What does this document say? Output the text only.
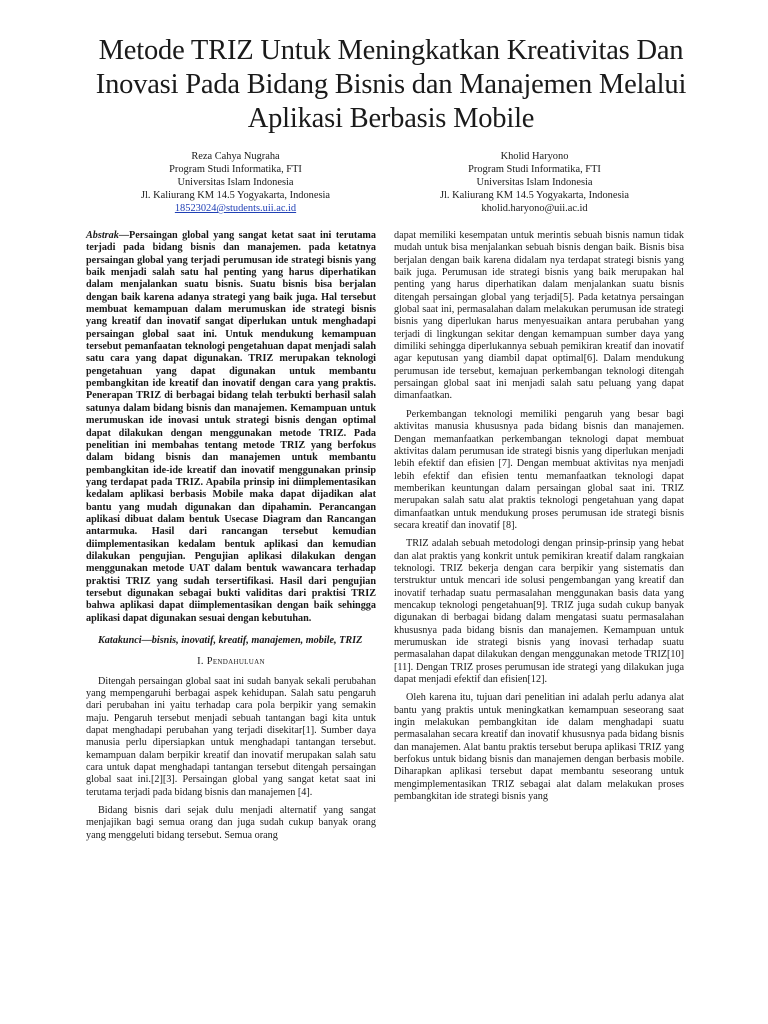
Metode TRIZ Untuk Meningkatkan Kreativitas Dan Inovasi Pada Bidang Bisnis dan Manajemen Melalui Aplikasi Berbasis Mobile
Reza Cahya Nugraha
Program Studi Informatika, FTI
Universitas Islam Indonesia
Jl. Kaliurang KM 14.5 Yogyakarta, Indonesia
18523024@students.uii.ac.id
Kholid Haryono
Program Studi Informatika, FTI
Universitas Islam Indonesia
Jl. Kaliurang KM 14.5 Yogyakarta, Indonesia
kholid.haryono@uii.ac.id

Abstrak—Persaingan global yang sangat ketat saat ini terutama terjadi pada bidang bisnis dan manajemen. pada ketatnya persaingan global yang terjadi perumusan ide strategi bisnis yang baik menjadi salah satu hal penting yang harus diperhatikan dalam menjalankan suatu bisnis. Suatu bisnis bisa berjalan dengan baik karena adanya strategi yang baik juga. Hal tersebut membuat kemampuan dalam merumuskan ide strategi bisnis yang kreatif dan inovatif sangat diperlukan untuk menghadapi persaingan global saat ini. Untuk mendukung kemampuan tersebut pemanfaatan teknologi pengetahuan dapat menjadi salah satu cara yang dapat digunakan. TRIZ merupakan teknologi pengetahuan yang dapat digunakan untuk membantu pembangkitan ide kreatif dan inovatif dengan cara yang praktis. Penerapan TRIZ di berbagai bidang telah terbukti berhasil salah satunya dalam bidang bisnis dan manajemen. Kemampuan untuk merumuskan ide inovasi untuk strategi bisnis dengan optimal dapat dilakukan dengan menggunakan metode TRIZ. Pada penelitian ini membahas tentang metode TRIZ yang berfokus dalam bidang bisnis dan manajemen untuk membantu pembangkitan ide-ide kreatif dan inovatif menggunakan prinsip yang terdapat pada TRIZ. Apabila prinsip ini diimplementasikan kedalam aplikasi berbasis Mobile maka dapat dijadikan alat bantu yang mudah digunakan dan dipahamin. Perancangan aplikasi dibuat dalam bentuk Usecase Diagram dan Rancangan antarmuka. Hasil dari rancangan tersebut kemudian diimplementasikan kedalam bentuk aplikasi dan kemudian dilakukan pengujian. Pengujian aplikasi dilakukan dengan menggunakan metode UAT dalam bentuk wawancara terhadap praktisi TRIZ yang sudah tersertifikasi. Hasil dari pengujian tersebut digunakan sebagai bukti validitas dari praktisi TRIZ bahwa aplikasi dapat diimplementasikan dengan baik sehingga aplikasi dapat digunakan sesuai dengan kebutuhan.

Katakunci—bisnis, inovatif, kreatif, manajemen, mobile, TRIZ

I. Pendahuluan

Ditengah persaingan global saat ini sudah banyak sekali perubahan yang mempengaruhi berbagai aspek kehidupan. Salah satu pengaruh dari perubahan ini yaitu terhadap cara pola berpikir yang semakin maju. Pengaruh tersebut menjadi sebuah tantangan bagi kita untuk dapat menghadapi perubahan yang terjadi disekitar[1]. Sumber daya manusia perlu dipersiapkan untuk menghadapi tantangan tersebut. kemampuan dalam berpikir kreatif dan inovatif merupakan salah satu cara untuk dapat menghadapi tantangan tersebut ditengah persaingan global saat ini.[2][3]. Persaingan global yang sangat ketat saat ini terutama terjadi pada bidang bisnis dan manajemen [4].

Bidang bisnis dari sejak dulu menjadi alternatif yang sangat menjajikan bagi semua orang dan juga sudah cukup banyak orang yang menggeluti bidang tersebut. Semua orang

dapat memiliki kesempatan untuk merintis sebuah bisnis namun tidak mudah untuk bisa menjalankan sebuah bisnis dengan baik. Bisnis bisa berjalan dengan baik karena didalam nya terdapat strategi bisnis yang baik juga. Perumusan ide strategi bisnis yang baik merupakan hal penting yang harus diperhatikan dalam menjalankan suatu bisnis ditengah persaingan global yang terjadi[5]. Pada ketatnya persaingan global saat ini, permasalahan dalam melakukan perumusan ide strategi bisnis yang diperlukan harus menyesuaikan antara perubahan yang terjadi di lingkungan sekitar dengan kemampuan sumber daya yang dimiliki sehingga diperlukannya sebuah pemikiran kreatif dan inovatif agar keputusan yang diambil dapat optimal[6]. Dalam mendukung perumusan ide tersebut, kemajuan perkembangan teknologi ditengah persaingan global saat ini menjadi salah satu peluang yang dapat dimanfaatkan.

Perkembangan teknologi memiliki pengaruh yang besar bagi aktivitas manusia khususnya pada bidang bisnis dan manajemen. Dengan memanfaatkan perkembangan teknologi dapat membuat aktivitas dalam perumusan ide strategi bisnis yang diperlukan menjadi lebih efektif dan efisien [7]. Dengan membuat aktivitas nya menjadi lebih efektif dan efisien tentu memanfaatkan teknologi dapat memberikan keuntungan dalam persaingan global saat ini. TRIZ merupakan salah satu alat praktis teknologi pengetahuan yang dapat dimanfaatkan untuk mendukung proses perumusan ide strategi bisnis secara kreatif dan inovatif [8].

TRIZ adalah sebuah metodologi dengan prinsip-prinsip yang hebat dan alat praktis yang konkrit untuk pemikiran kreatif dalam rangkaian teknologi. TRIZ bekerja dengan cara berpikir yang sistematis dan terstruktur untuk mencari ide solusi pengembangan yang kreatif dan inovatif terhadap suatu permasalahan menggunakan basis data yang mencakup teknologi pengetahuan[9]. TRIZ juga sudah cukup banyak digunakan di berbagai bidang dalam mengatasi suatu permasalahan khususnya pada bidang bisnis dan manajemen. Kemampuan untuk merumuskan ide strategi bisnis yang inovasi terhadap suatu permasalahan dapat dilakukan dengan menggunakan metode TRIZ[10][11]. Dengan TRIZ proses perumusan ide strategi yang dilakukan juga dapat menjadi efektif dan efisien[12].

Oleh karena itu, tujuan dari penelitian ini adalah perlu adanya alat bantu yang praktis untuk meningkatkan kemampuan seseorang saat ingin melakukan pembangkitan ide dalam menghadapi suatu permasalahan secara kreatif dan inovatif khususnya pada bidang bisnis dan manajemen. Alat bantu praktis tersebut berupa aplikasi TRIZ yang berfokus untuk bidang bisnis dan manajemen dengan berbasis mobile. Diharapkan aplikasi tersebut dapat membantu seseorang untuk mengimplementasikan TRIZ sebagai alat dalam melakukan proses pembangkitan ide strategi bisnis yang
